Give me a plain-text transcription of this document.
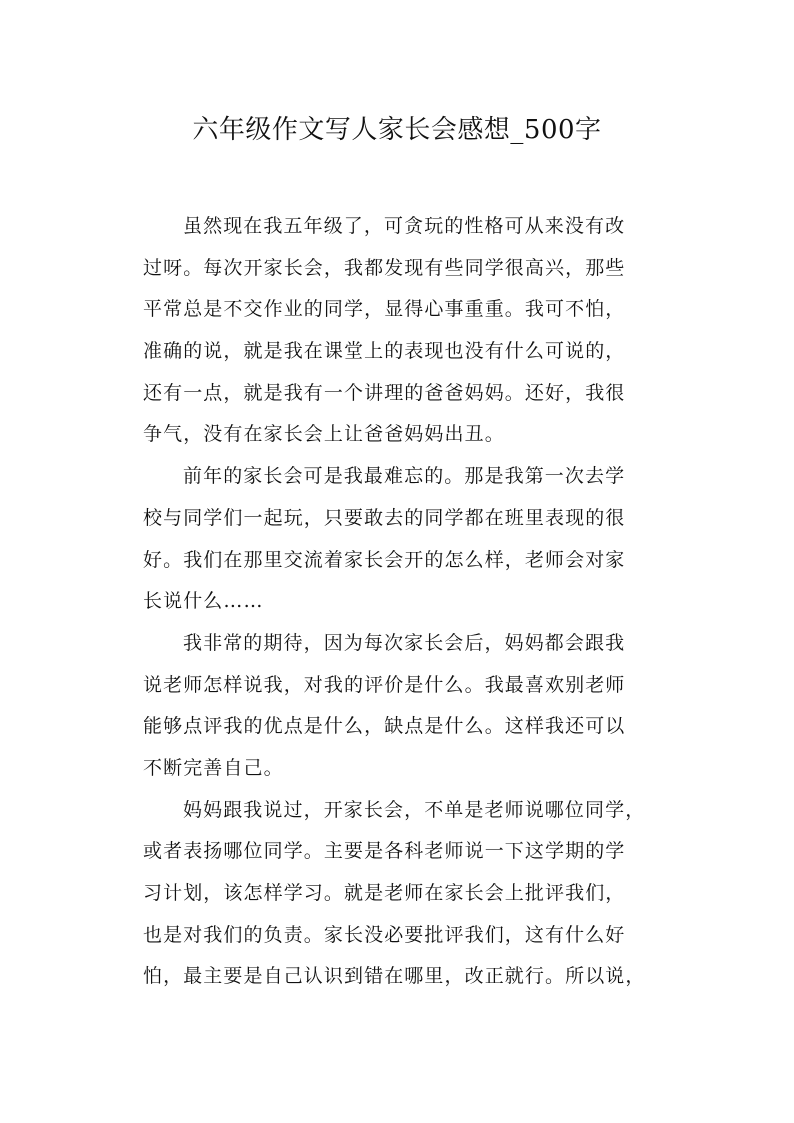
六年级作文写人家长会感想_500字
虽然现在我五年级了，可贪玩的性格可从来没有改
过呀。每次开家长会，我都发现有些同学很高兴，那些
平常总是不交作业的同学，显得心事重重。我可不怕，
准确的说，就是我在课堂上的表现也没有什么可说的，
还有一点，就是我有一个讲理的爸爸妈妈。还好，我很
争气，没有在家长会上让爸爸妈妈出丑。
前年的家长会可是我最难忘的。那是我第一次去学
校与同学们一起玩，只要敢去的同学都在班里表现的很
好。我们在那里交流着家长会开的怎么样，老师会对家
长说什么……
我非常的期待，因为每次家长会后，妈妈都会跟我
说老师怎样说我，对我的评价是什么。我最喜欢别老师
能够点评我的优点是什么，缺点是什么。这样我还可以
不断完善自己。
妈妈跟我说过，开家长会，不单是老师说哪位同学，
或者表扬哪位同学。主要是各科老师说一下这学期的学
习计划，该怎样学习。就是老师在家长会上批评我们，
也是对我们的负责。家长没必要批评我们，这有什么好
怕，最主要是自己认识到错在哪里，改正就行。所以说，
